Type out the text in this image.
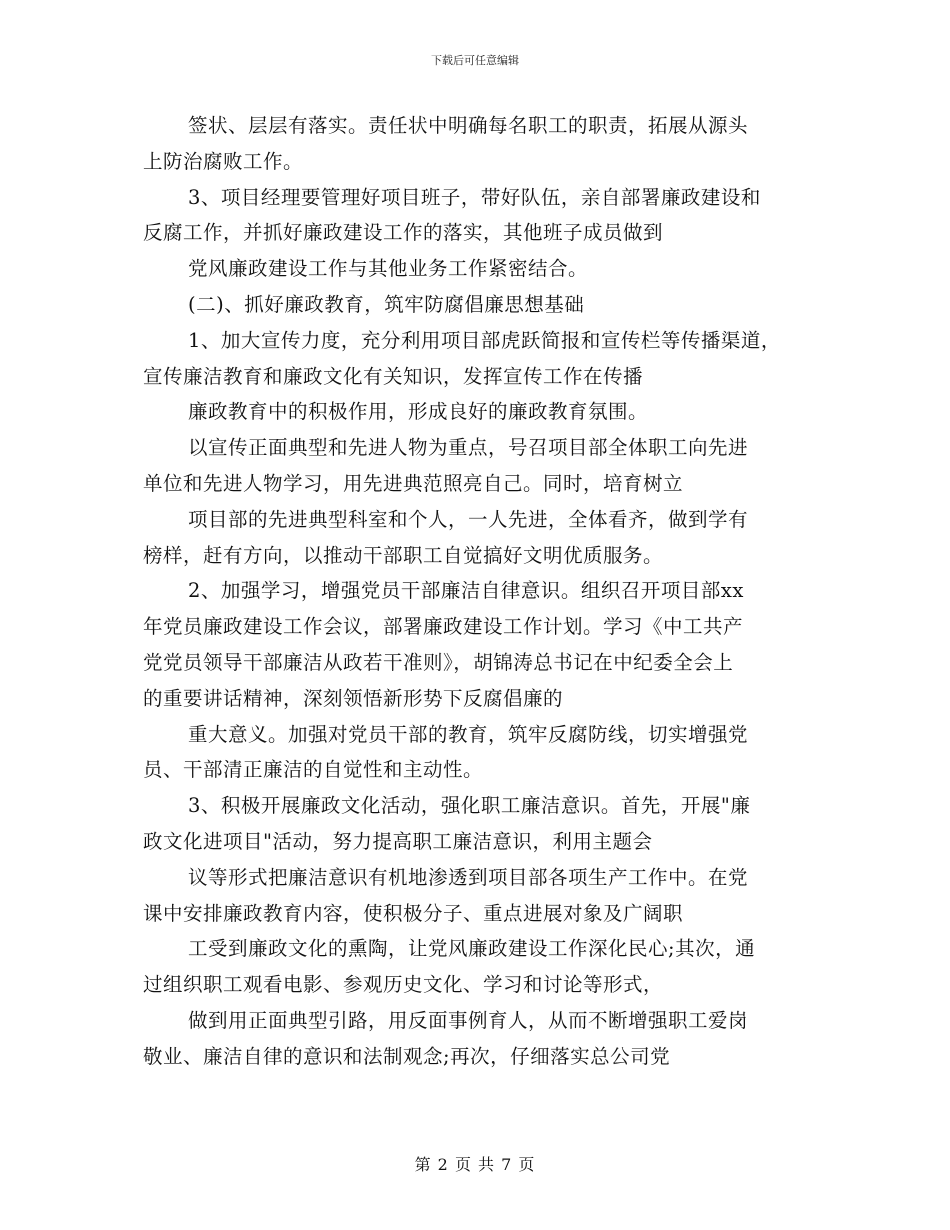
下载后可任意编辑
签状、层层有落实。责任状中明确每名职工的职责，拓展从源头
上防治腐败工作。
3、项目经理要管理好项目班子，带好队伍，亲自部署廉政建设和
反腐工作，并抓好廉政建设工作的落实，其他班子成员做到
党风廉政建设工作与其他业务工作紧密结合。
(二)、抓好廉政教育，筑牢防腐倡廉思想基础
1、加大宣传力度，充分利用项目部虎跃简报和宣传栏等传播渠道，
宣传廉洁教育和廉政文化有关知识，发挥宣传工作在传播
廉政教育中的积极作用，形成良好的廉政教育氛围。
以宣传正面典型和先进人物为重点，号召项目部全体职工向先进
单位和先进人物学习，用先进典范照亮自己。同时，培育树立
项目部的先进典型科室和个人，一人先进，全体看齐，做到学有
榜样，赶有方向，以推动干部职工自觉搞好文明优质服务。
2、加强学习，增强党员干部廉洁自律意识。组织召开项目部xx
年党员廉政建设工作会议，部署廉政建设工作计划。学习《中工共产
党党员领导干部廉洁从政若干准则》，胡锦涛总书记在中纪委全会上
的重要讲话精神，深刻领悟新形势下反腐倡廉的
重大意义。加强对党员干部的教育，筑牢反腐防线，切实增强党
员、干部清正廉洁的自觉性和主动性。
3、积极开展廉政文化活动，强化职工廉洁意识。首先，开展"廉
政文化进项目"活动，努力提高职工廉洁意识，利用主题会
议等形式把廉洁意识有机地渗透到项目部各项生产工作中。在党
课中安排廉政教育内容，使积极分子、重点进展对象及广阔职
工受到廉政文化的熏陶，让党风廉政建设工作深化民心;其次，通
过组织职工观看电影、参观历史文化、学习和讨论等形式，
做到用正面典型引路，用反面事例育人，从而不断增强职工爱岗
敬业、廉洁自律的意识和法制观念;再次，仔细落实总公司党
第 2 页 共 7 页
